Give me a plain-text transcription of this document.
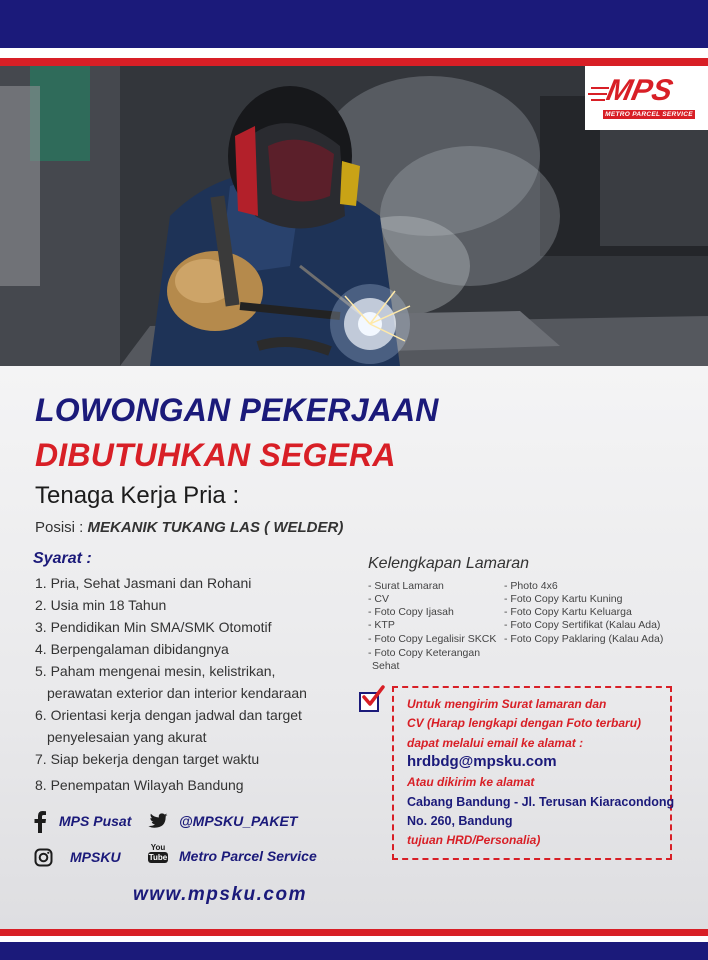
MPS
METRO PARCEL SERVICE
LOWONGAN PEKERJAAN
DIBUTUHKAN SEGERA
Tenaga Kerja Pria :
Posisi : MEKANIK TUKANG LAS ( WELDER)
Syarat :
1. Pria, Sehat Jasmani dan Rohani
2. Usia min 18 Tahun
3. Pendidikan Min SMA/SMK Otomotif
4. Berpengalaman dibidangnya
5. Paham mengenai mesin, kelistrikan,
perawatan exterior dan interior kendaraan
6. Orientasi kerja dengan jadwal dan target
penyelesaian yang akurat
7. Siap bekerja dengan target waktu
8. Penempatan Wilayah Bandung
Kelengkapan Lamaran
- Surat Lamaran
- CV
- Foto Copy Ijasah
- KTP
- Foto Copy Legalisir SKCK
- Foto Copy Keterangan
Sehat
- Photo 4x6
- Foto Copy Kartu Kuning
- Foto Copy Kartu Keluarga
- Foto Copy Sertifikat (Kalau Ada)
- Foto Copy Paklaring (Kalau Ada)
Untuk mengirim Surat lamaran dan
CV (Harap lengkapi dengan Foto terbaru)
dapat melalui email ke alamat :
hrdbdg@mpsku.com
Atau dikirim ke alamat
Cabang Bandung - Jl. Terusan Kiaracondong
No. 260, Bandung
tujuan HRD/Personalia)
MPS Pusat	@MPSKU_PAKET
MPSKU
You
Tube Metro Parcel Service
www.mpsku.com
